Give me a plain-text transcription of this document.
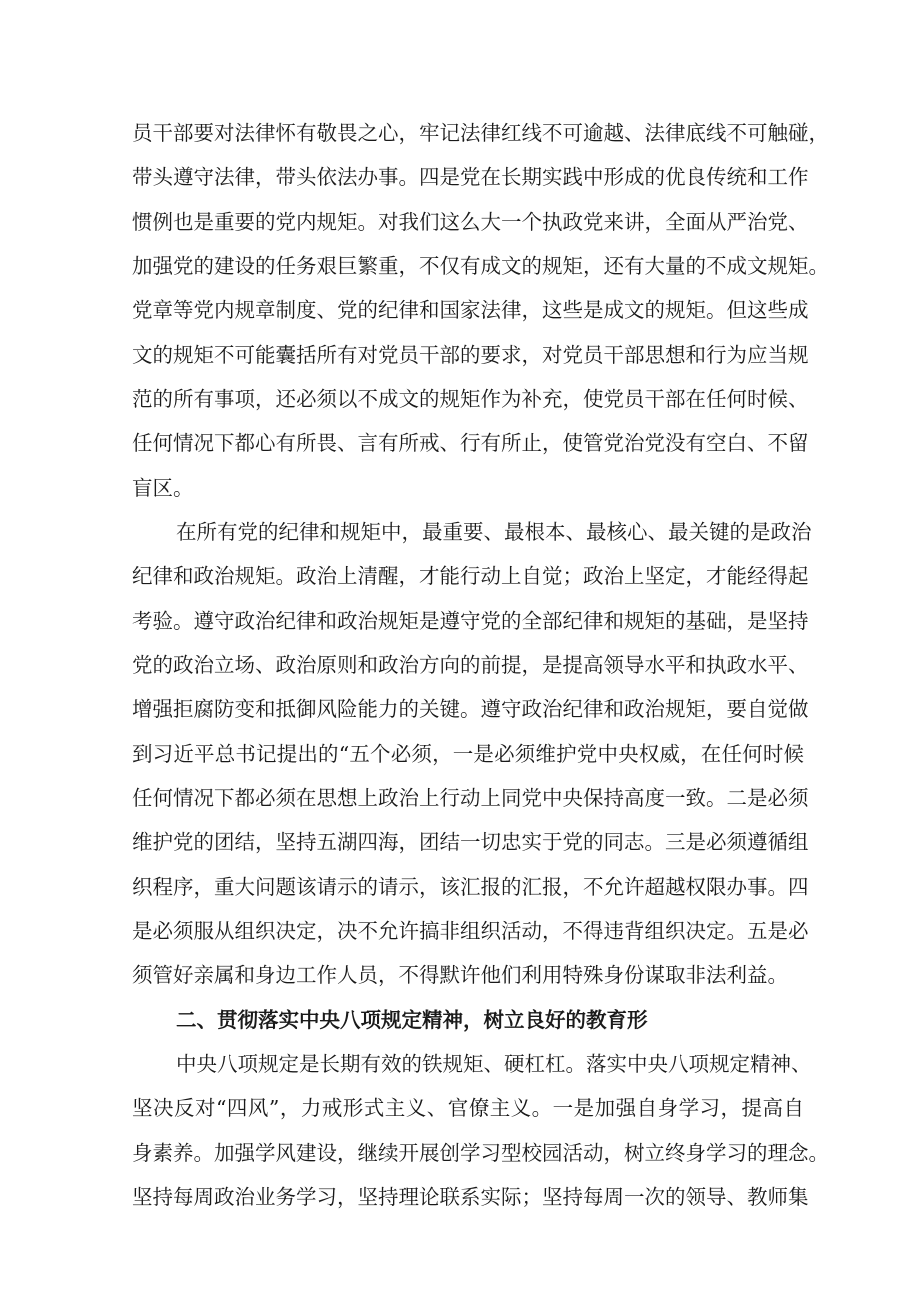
员干部要对法律怀有敬畏之心，牢记法律红线不可逾越、法律底线不可触碰，
带头遵守法律，带头依法办事。四是党在长期实践中形成的优良传统和工作
惯例也是重要的党内规矩。对我们这么大一个执政党来讲，全面从严治党、
加强党的建设的任务艰巨繁重，不仅有成文的规矩，还有大量的不成文规矩。
党章等党内规章制度、党的纪律和国家法律，这些是成文的规矩。但这些成
文的规矩不可能囊括所有对党员干部的要求，对党员干部思想和行为应当规
范的所有事项，还必须以不成文的规矩作为补充，使党员干部在任何时候、
任何情况下都心有所畏、言有所戒、行有所止，使管党治党没有空白、不留
盲区。
在所有党的纪律和规矩中，最重要、最根本、最核心、最关键的是政治
纪律和政治规矩。政治上清醒，才能行动上自觉；政治上坚定，才能经得起
考验。遵守政治纪律和政治规矩是遵守党的全部纪律和规矩的基础，是坚持
党的政治立场、政治原则和政治方向的前提，是提高领导水平和执政水平、
增强拒腐防变和抵御风险能力的关键。遵守政治纪律和政治规矩，要自觉做
到习近平总书记提出的“五个必须，一是必须维护党中央权威，在任何时候
任何情况下都必须在思想上政治上行动上同党中央保持高度一致。二是必须
维护党的团结，坚持五湖四海，团结一切忠实于党的同志。三是必须遵循组
织程序，重大问题该请示的请示，该汇报的汇报，不允许超越权限办事。四
是必须服从组织决定，决不允许搞非组织活动，不得违背组织决定。五是必
须管好亲属和身边工作人员，不得默许他们利用特殊身份谋取非法利益。
二、贯彻落实中央八项规定精神，树立良好的教育形
中央八项规定是长期有效的铁规矩、硬杠杠。落实中央八项规定精神、
坚决反对“四风”，力戒形式主义、官僚主义。一是加强自身学习，提高自
身素养。加强学风建设，继续开展创学习型校园活动，树立终身学习的理念。
坚持每周政治业务学习，坚持理论联系实际；坚持每周一次的领导、教师集
